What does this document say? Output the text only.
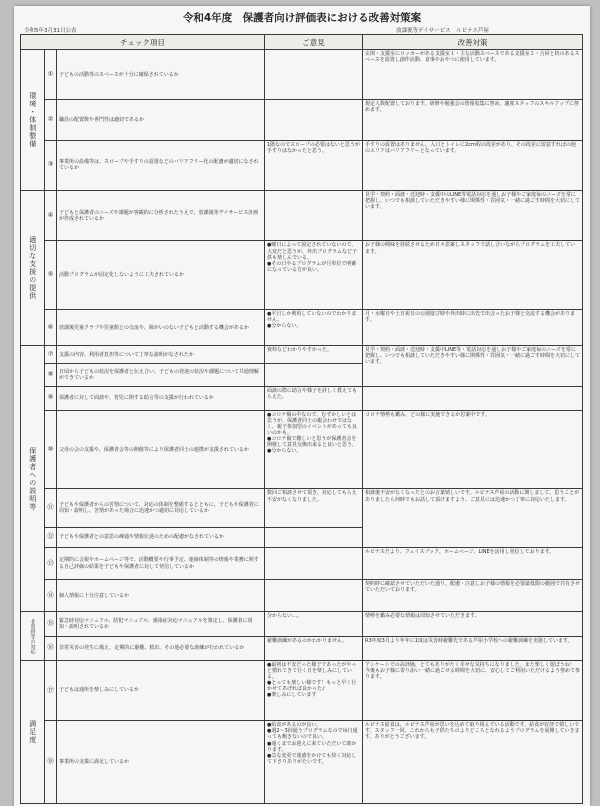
令和4年度　保護者向け評価表における改善対策案
令和5年3月31日公表	放課後等デイサービス　ルピナス芦屋
チェック項目			ご意見	改善対策
環境・体制整備	①	子どもの活動等のスペースが十分に確保されているか		玄関・支援室にロッカーがある支援室１・主な活動スペースである支援室２・合同と机のあるスペースを設置し創作活動、食事やおやつに使用しています。
	②	職員の配置数や専門性は適切であるか		規定人数配置しております。研修や勉強会の情報収集に努め、適度スタッフのスキルアップに努めます。
	③	事業所の設備等は、スロープや手すりの設置などのバリアフリー化の配慮が適切になされているか	1階なのでスロープの必要はないと思うが手すりはなかったと思う。	手すりの設置はありません。入口とトイレに2cm程の段差があり、その段差に留意すればの他のエリアはバリアフリーとなっています。
適切な支援の提供	④	子どもと保護者のニーズや課題が客観的に分析されたうえで、放課後等デイサービス計画が作成されているか		見学・契約・面談・送迎時・支援中のLINE等電話対応を通しお子様やご家庭毎のニーズを常に把握し、いつでも相談していただきやすい様に関係性・雰囲気・一緒に過ごす時間を大切にしています。
	⑤	活動プログラムが固定化しないように工夫されているか	●曜日によって固定されていないので、大変だと思うが、外出プログラムなど子供も楽しんでいる。
●その日やるプログラムが月単位で明確になっている方が良い。	お子様の興味を持続させるため日々思案しスタッフで話し合いながらプログラムを工夫しています。
	⑥	放課後児童クラブや児童館との交流や、障がいのない子どもと活動する機会があるか	●平日しか利用していないのでわかりません。
●分からない。	月・水曜日や土日祝日の公園遊び時や外出時に出先で出会ったお子様と交流する機会があります。
保護者への説明等	⑦	支援の内容、利用者負担等について丁寧な説明がなされたか	資料などわかりやすかった。	見学・契約・面談・送迎時・支援中LINE等・電話対応を通しお子様やご家庭毎のニーズを常に把握し、いつでも相談していただきやすい様に関係性・雰囲気・一緒に過ごす時間を大切にしています。
	⑧	日頃から子どもの状況を保護者と伝え合い、子どもの発達の状況や課題について共通理解ができているか		
	⑨	保護者に対して面談や、育児に関する助言等の支援が行われているか	面談の際に助言や様子を詳しく教えてもらえた。	
	⑩	父母の会の支援や、保護者会等の開催等により保護者同士の連携が支援されているか	●コロナ禍の中なので、むずかしいとは思うが、保護者同士の親会わせではなく、親子参加型のイベントがあっても良いのかも。
●コロナ禍で難しいと思うが保護者会を開催して意見交換出来ると良いと思う。
●分からない。	コロナ情勢も鑑み、どの様に実施できるか思案中です。
	⑪	子どもや保護者からの苦情について、対応の体制を整備するとともに、子どもや保護者に周知・説明し、苦情があった場合に迅速かつ適切に対応しているか	数回ご相談させて頂き、対応してもらえ不安がなくなりました。	相談後不安がなくなったとのお言葉嬉しいです。ルピナス芦屋の活動に関しまして、思うことがありましたら何時でもお話して頂けますよう、ご意見には迅速かつ丁寧に対応いたします。
	⑫	子どもや保護者との意思の疎通や情報伝達のための配慮がなされているか		
	⑬	定期的に会報やホームページ等で、活動概要や行事予定、連絡体制等の情報や業務に関する自己評価の結果を子どもや保護者に対して発信しているか		ルピナスだより、フェイスブック、ホームページ、LINEを活用し発信しております。
	⑭	個人情報に十分注意しているか		契約時に確認させていただいた通り、配慮・注意しお子様の情報を必要最低限の範囲で共有させていただいております。
非常時等の対応	⑮	緊急時対応マニュアル、防犯マニュアル、感染症対応マニュアルを策定し、保護者に周知・説明されているか	分からない…。	情勢を鑑み必要な情報は周知させていただきます。
	⑯	非常災害の発生に備え、定期的に避難、救出、その他必要な訓練が行われているか	避難訓練があるのかわかりません。	R3年度3月より年年に1度は災害時避難先である芦屋小学校への避難訓練を実施しています。
満足度	⑰	子どもは通所を楽しみにしているか	●最初は不安だった様子であったがやっと慣れてきて行く日を楽しみにしている。
●とっても楽しい様です！もっと早く行かせてあげれば良かった♪
●楽しみにしています	アンケートでの高評価、とてもありがたく幸せな気持ちになりました。また楽しく遊ぼうね！　今後もお子様に寄り添い一緒に過ごせる時間を大切に、安心してご利用いただけるよう努めて参ります。
	⑱	事業所の支援に満足しているか	●給食があるのが良い。
●週2〜3回通うプログラムなので毎日通っても飽きないので良い。
●通くまでお迎えに来ていただいて助かります。
●急な変更で迷惑をかけても快く対応して下さりありがたいです。	ルピナス給食は、ルピナス芦屋が思いを込めて取り組んでいる活動です。給食が好評で嬉しいです。スタッフ一同、これからも子供たちのよりどころとなれるようプログラムを展開していきます。ありがとうございます。
